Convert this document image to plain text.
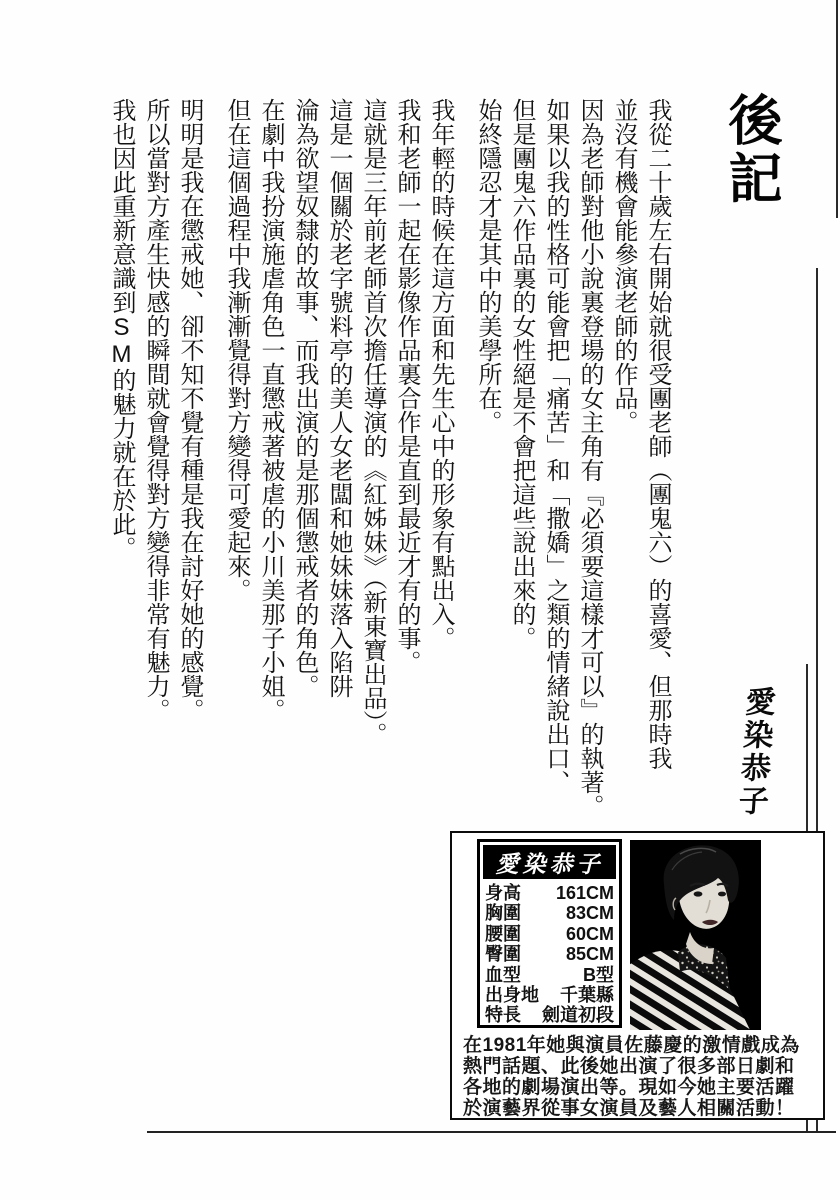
後記
我從二十歲左右開始就很受團老師（團鬼六）的喜愛、但那時我
並沒有機會能參演老師的作品。
因為老師對他小說裏登場的女主角有『必須要這樣才可以』的執著。
如果以我的性格可能會把「痛苦」和「撒嬌」之類的情緒說出口、
但是團鬼六作品裏的女性絕是不會把這些說出來的。
始終隱忍才是其中的美學所在。
我年輕的時候在這方面和先生心中的形象有點出入。
我和老師一起在影像作品裏合作是直到最近才有的事。
這就是三年前老師首次擔任導演的《紅姊妹》（新東寶出品）。
這是一個關於老字號料亭的美人女老闆和她妹妹落入陷阱
淪為欲望奴隸的故事、而我出演的是那個懲戒者的角色。
在劇中我扮演施虐角色一直懲戒著被虐的小川美那子小姐。
但在這個過程中我漸漸覺得對方變得可愛起來。
明明是我在懲戒她、卻不知不覺有種是我在討好她的感覺。
所以當對方產生快感的瞬間就會覺得對方變得非常有魅力。
我也因此重新意識到SM的魅力就在於此。
愛染恭子
愛染恭子
身高 161CM
胸圍 83CM
腰圍 60CM
臀圍 85CM
血型	B型
出身地 千葉縣
特長 劍道初段
在1981年她與演員佐藤慶的激情戲成為
熱門話題、此後她出演了很多部日劇和
各地的劇場演出等。現如今她主要活躍
於演藝界從事女演員及藝人相關活動！
